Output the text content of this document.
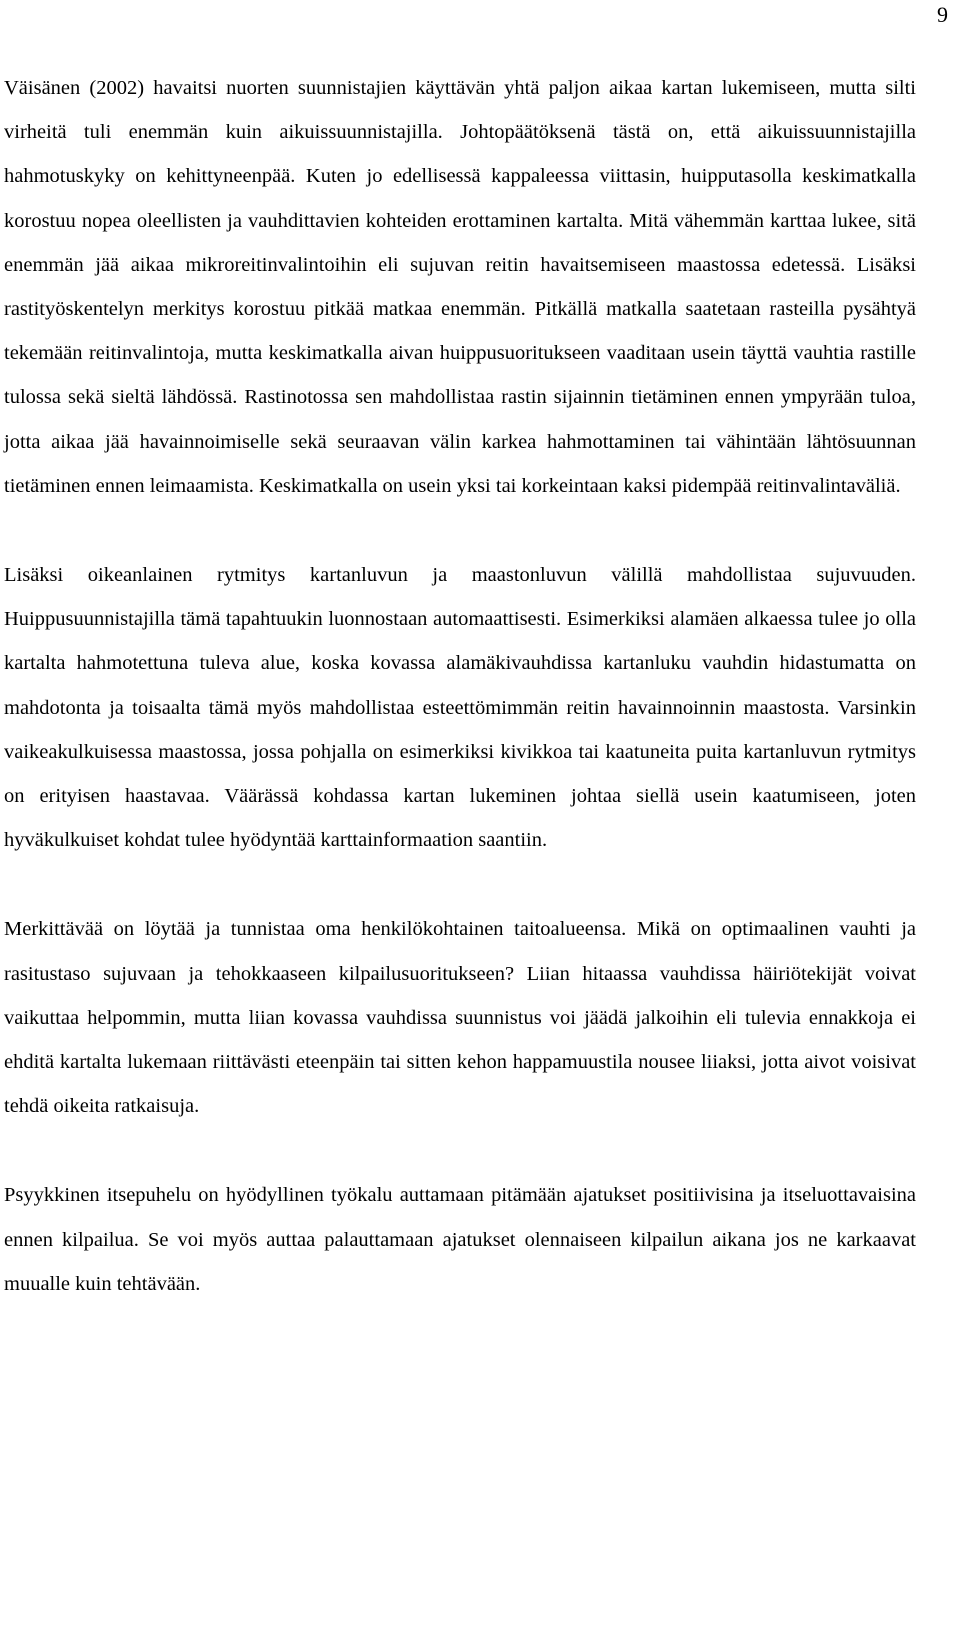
9

Väisänen (2002) havaitsi nuorten suunnistajien käyttävän yhtä paljon aikaa kartan lukemiseen, mutta silti virheitä tuli enemmän kuin aikuissuunnistajilla. Johtopäätöksenä tästä on, että aikuissuunnistajilla hahmotuskyky on kehittyneenpää. Kuten jo edellisessä kappaleessa viittasin, huipputasolla keskimatkalla korostuu nopea oleellisten ja vauhdittavien kohteiden erottaminen kartalta. Mitä vähemmän karttaa lukee, sitä enemmän jää aikaa mikroreitinvalintoihin eli sujuvan reitin havaitsemiseen maastossa edetessä. Lisäksi rastityöskentelyn merkitys korostuu pitkää matkaa enemmän. Pitkällä matkalla saatetaan rasteilla pysähtyä tekemään reitinvalintoja, mutta keskimatkalla aivan huippusuoritukseen vaaditaan usein täyttä vauhtia rastille tulossa sekä sieltä lähdössä. Rastinotossa sen mahdollistaa rastin sijainnin tietäminen ennen ympyrään tuloa, jotta aikaa jää havainnoimiselle sekä seuraavan välin karkea hahmottaminen tai vähintään lähtösuunnan tietäminen ennen leimaamista. Keskimatkalla on usein yksi tai korkeintaan kaksi pidempää reitinvalintaväliä.

Lisäksi oikeanlainen rytmitys kartanluvun ja maastonluvun välillä mahdollistaa sujuvuuden. Huippusuunnistajilla tämä tapahtuukin luonnostaan automaattisesti. Esimerkiksi alamäen alkaessa tulee jo olla kartalta hahmotettuna tuleva alue, koska kovassa alamäkivauhdissa kartanluku vauhdin hidastumatta on mahdotonta ja toisaalta tämä myös mahdollistaa esteettömimmän reitin havainnoinnin maastosta. Varsinkin vaikeakulkuisessa maastossa, jossa pohjalla on esimerkiksi kivikkoa tai kaatuneita puita kartanluvun rytmitys on erityisen haastavaa. Väärässä kohdassa kartan lukeminen johtaa siellä usein kaatumiseen, joten hyväkulkuiset kohdat tulee hyödyntää karttainformaation saantiin.

Merkittävää on löytää ja tunnistaa oma henkilökohtainen taitoalueensa. Mikä on optimaalinen vauhti ja rasitustaso sujuvaan ja tehokkaaseen kilpailusuoritukseen? Liian hitaassa vauhdissa häiriötekijät voivat vaikuttaa helpommin, mutta liian kovassa vauhdissa suunnistus voi jäädä jalkoihin eli tulevia ennakkoja ei ehditä kartalta lukemaan riittävästi eteenpäin tai sitten kehon happamuustila nousee liiaksi, jotta aivot voisivat tehdä oikeita ratkaisuja.

Psyykkinen itsepuhelu on hyödyllinen työkalu auttamaan pitämään ajatukset positiivisina ja itseluottavaisina ennen kilpailua. Se voi myös auttaa palauttamaan ajatukset olennaiseen kilpailun aikana jos ne karkaavat muualle kuin tehtävään.
